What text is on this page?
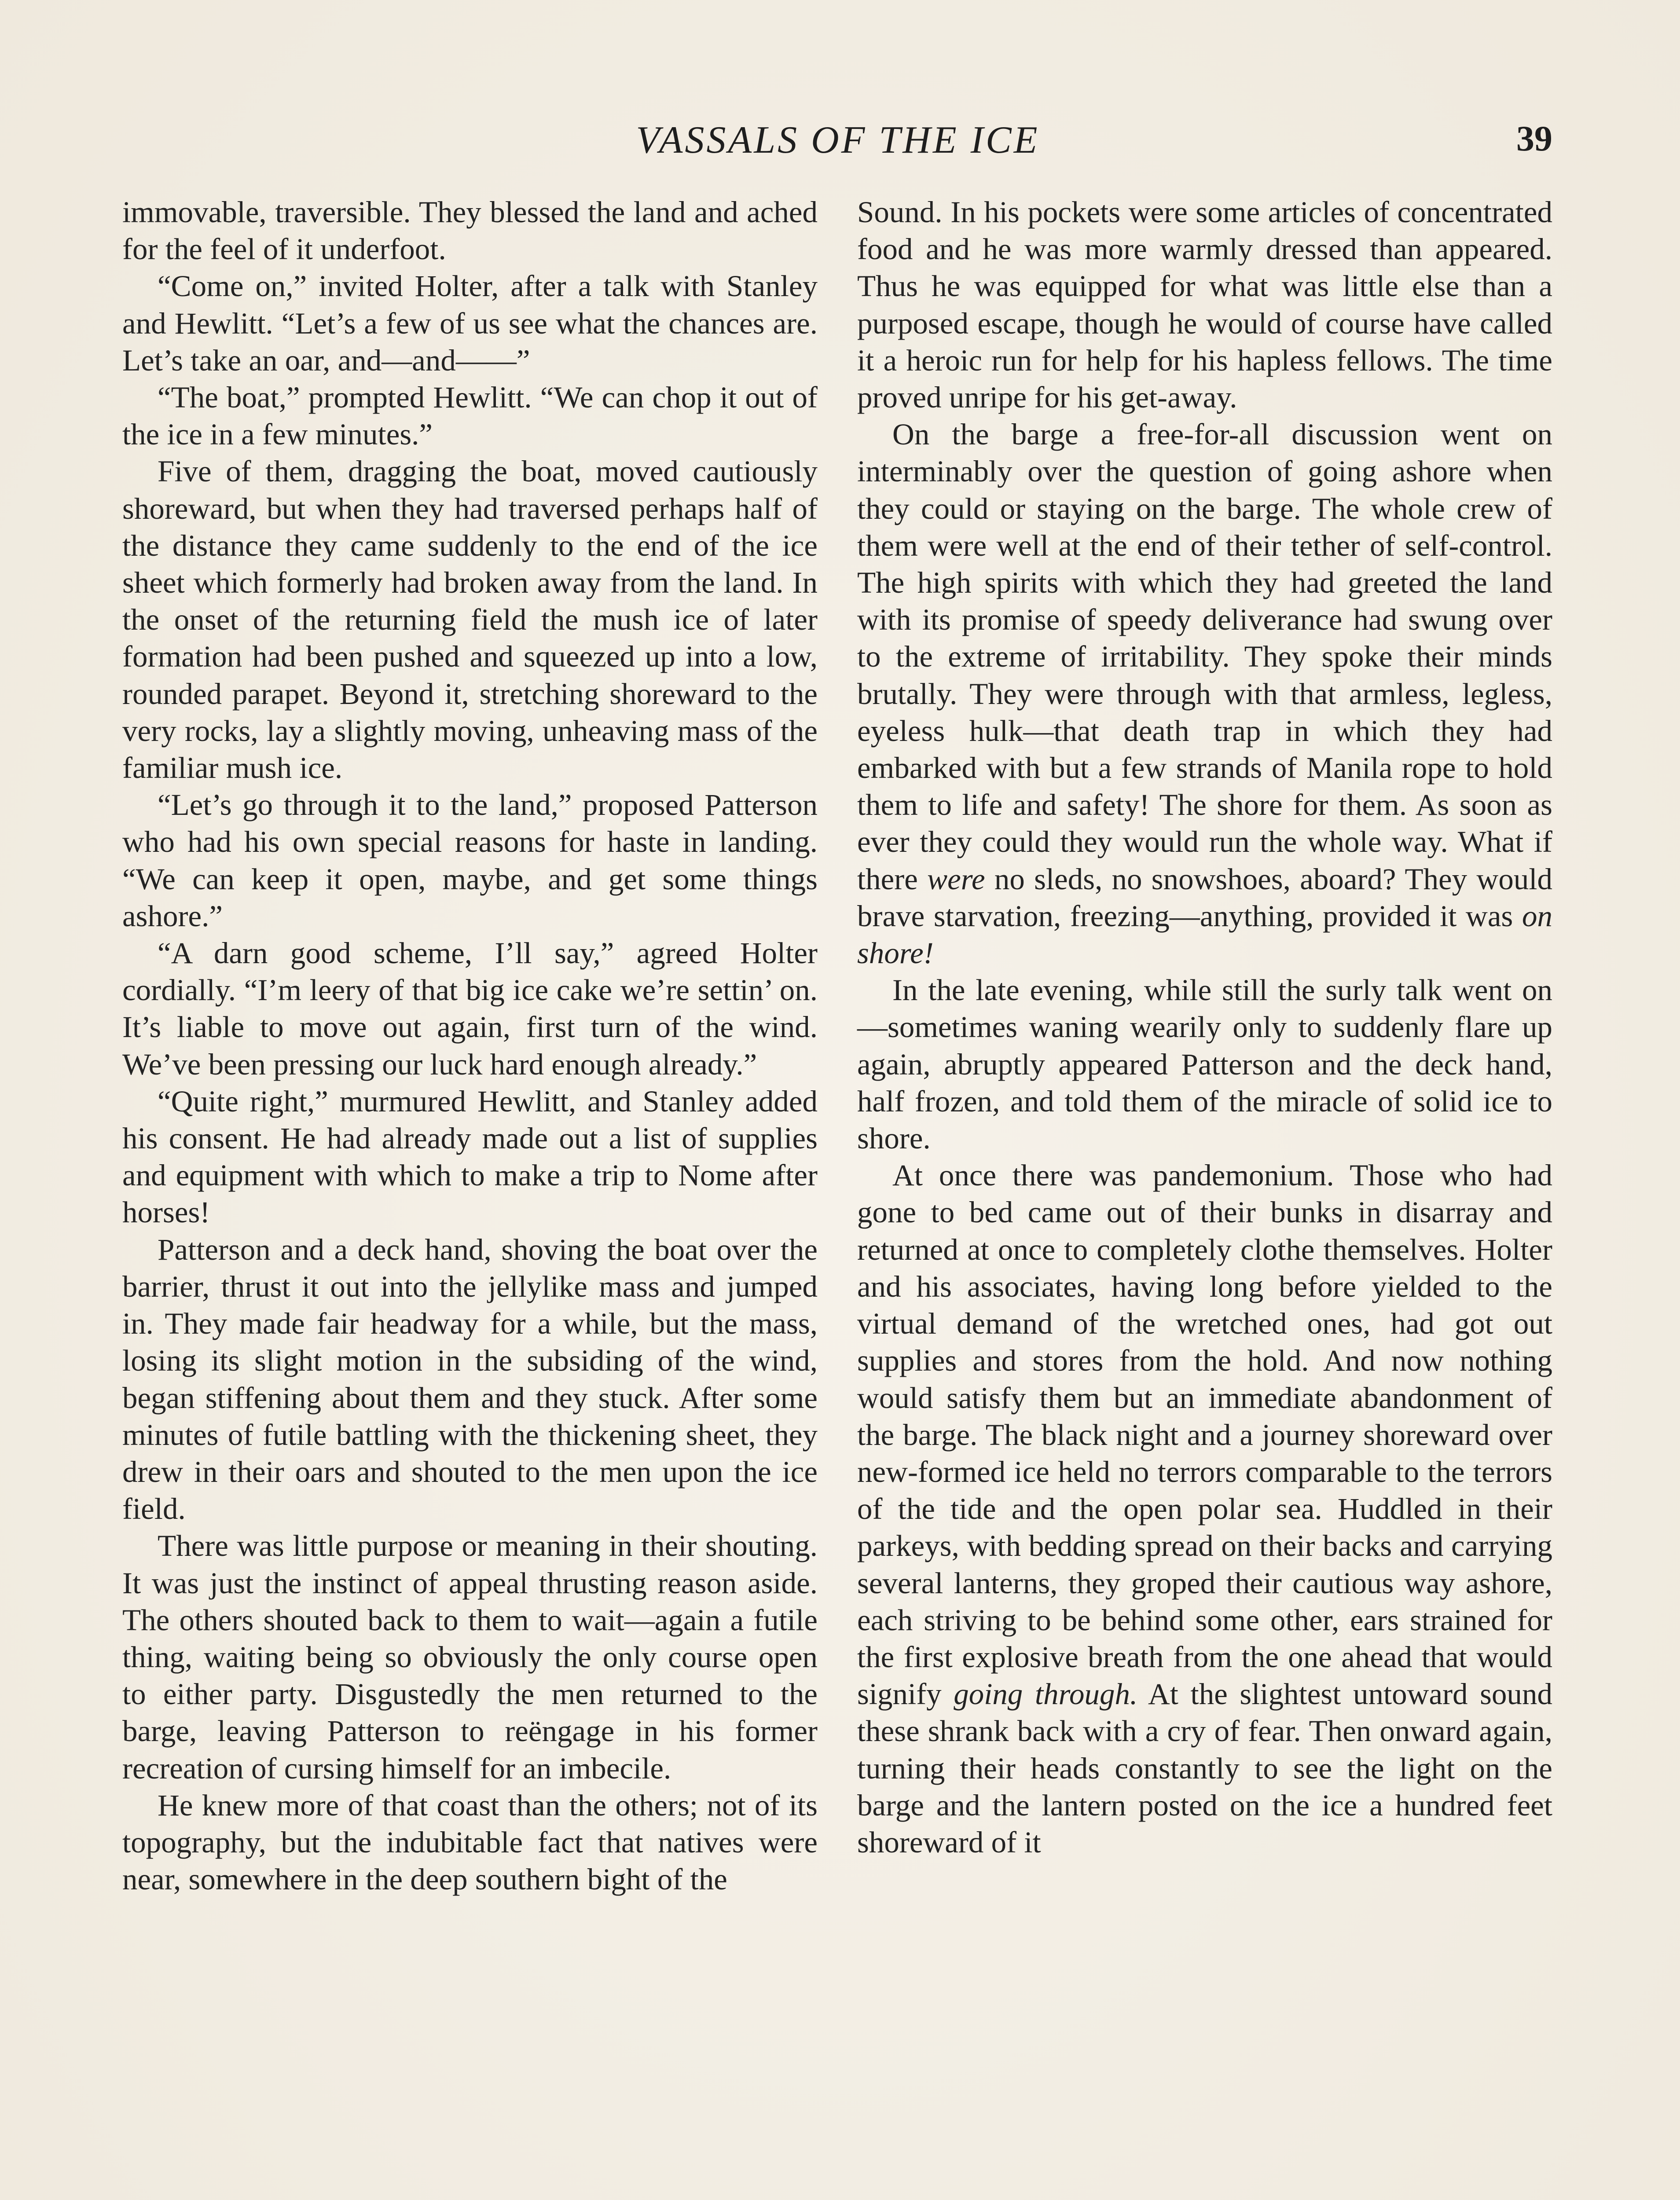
VASSALS OF THE ICE	39

immovable, traversible. They blessed the land and ached for the feel of it underfoot.

“Come on,” invited Holter, after a talk with Stanley and Hewlitt. “Let’s a few of us see what the chances are. Let’s take an oar, and—and——”

“The boat,” prompted Hewlitt. “We can chop it out of the ice in a few minutes.”

Five of them, dragging the boat, moved cautiously shoreward, but when they had traversed perhaps half of the distance they came suddenly to the end of the ice sheet which formerly had broken away from the land. In the onset of the returning field the mush ice of later formation had been pushed and squeezed up into a low, rounded parapet. Beyond it, stretching shoreward to the very rocks, lay a slightly moving, unheaving mass of the familiar mush ice.

“Let’s go through it to the land,” proposed Patterson who had his own special reasons for haste in landing. “We can keep it open, maybe, and get some things ashore.”

“A darn good scheme, I’ll say,” agreed Holter cordially. “I’m leery of that big ice cake we’re settin’ on. It’s liable to move out again, first turn of the wind. We’ve been pressing our luck hard enough already.”

“Quite right,” murmured Hewlitt, and Stanley added his consent. He had already made out a list of supplies and equipment with which to make a trip to Nome after horses!

Patterson and a deck hand, shoving the boat over the barrier, thrust it out into the jellylike mass and jumped in. They made fair headway for a while, but the mass, losing its slight motion in the subsiding of the wind, began stiffening about them and they stuck. After some minutes of futile battling with the thickening sheet, they drew in their oars and shouted to the men upon the ice field.

There was little purpose or meaning in their shouting. It was just the instinct of appeal thrusting reason aside. The others shouted back to them to wait—again a futile thing, waiting being so obviously the only course open to either party. Disgustedly the men returned to the barge, leaving Patterson to reëngage in his former recreation of cursing himself for an imbecile.

He knew more of that coast than the others; not of its topography, but the indubitable fact that natives were near, somewhere in the deep southern bight of the

Sound. In his pockets were some articles of concentrated food and he was more warmly dressed than appeared. Thus he was equipped for what was little else than a purposed escape, though he would of course have called it a heroic run for help for his hapless fellows. The time proved unripe for his get-away.

On the barge a free-for-all discussion went on interminably over the question of going ashore when they could or staying on the barge. The whole crew of them were well at the end of their tether of self-control. The high spirits with which they had greeted the land with its promise of speedy deliverance had swung over to the extreme of irritability. They spoke their minds brutally. They were through with that armless, legless, eyeless hulk—that death trap in which they had embarked with but a few strands of Manila rope to hold them to life and safety! The shore for them. As soon as ever they could they would run the whole way. What if there were no sleds, no snowshoes, aboard? They would brave starvation, freezing—anything, provided it was on shore!

In the late evening, while still the surly talk went on—sometimes waning wearily only to suddenly flare up again, abruptly appeared Patterson and the deck hand, half frozen, and told them of the miracle of solid ice to shore.

At once there was pandemonium. Those who had gone to bed came out of their bunks in disarray and returned at once to completely clothe themselves. Holter and his associates, having long before yielded to the virtual demand of the wretched ones, had got out supplies and stores from the hold. And now nothing would satisfy them but an immediate abandonment of the barge. The black night and a journey shoreward over new-formed ice held no terrors comparable to the terrors of the tide and the open polar sea. Huddled in their parkeys, with bedding spread on their backs and carrying several lanterns, they groped their cautious way ashore, each striving to be behind some other, ears strained for the first explosive breath from the one ahead that would signify going through. At the slightest untoward sound these shrank back with a cry of fear. Then onward again, turning their heads constantly to see the light on the barge and the lantern posted on the ice a hundred feet shoreward of it
